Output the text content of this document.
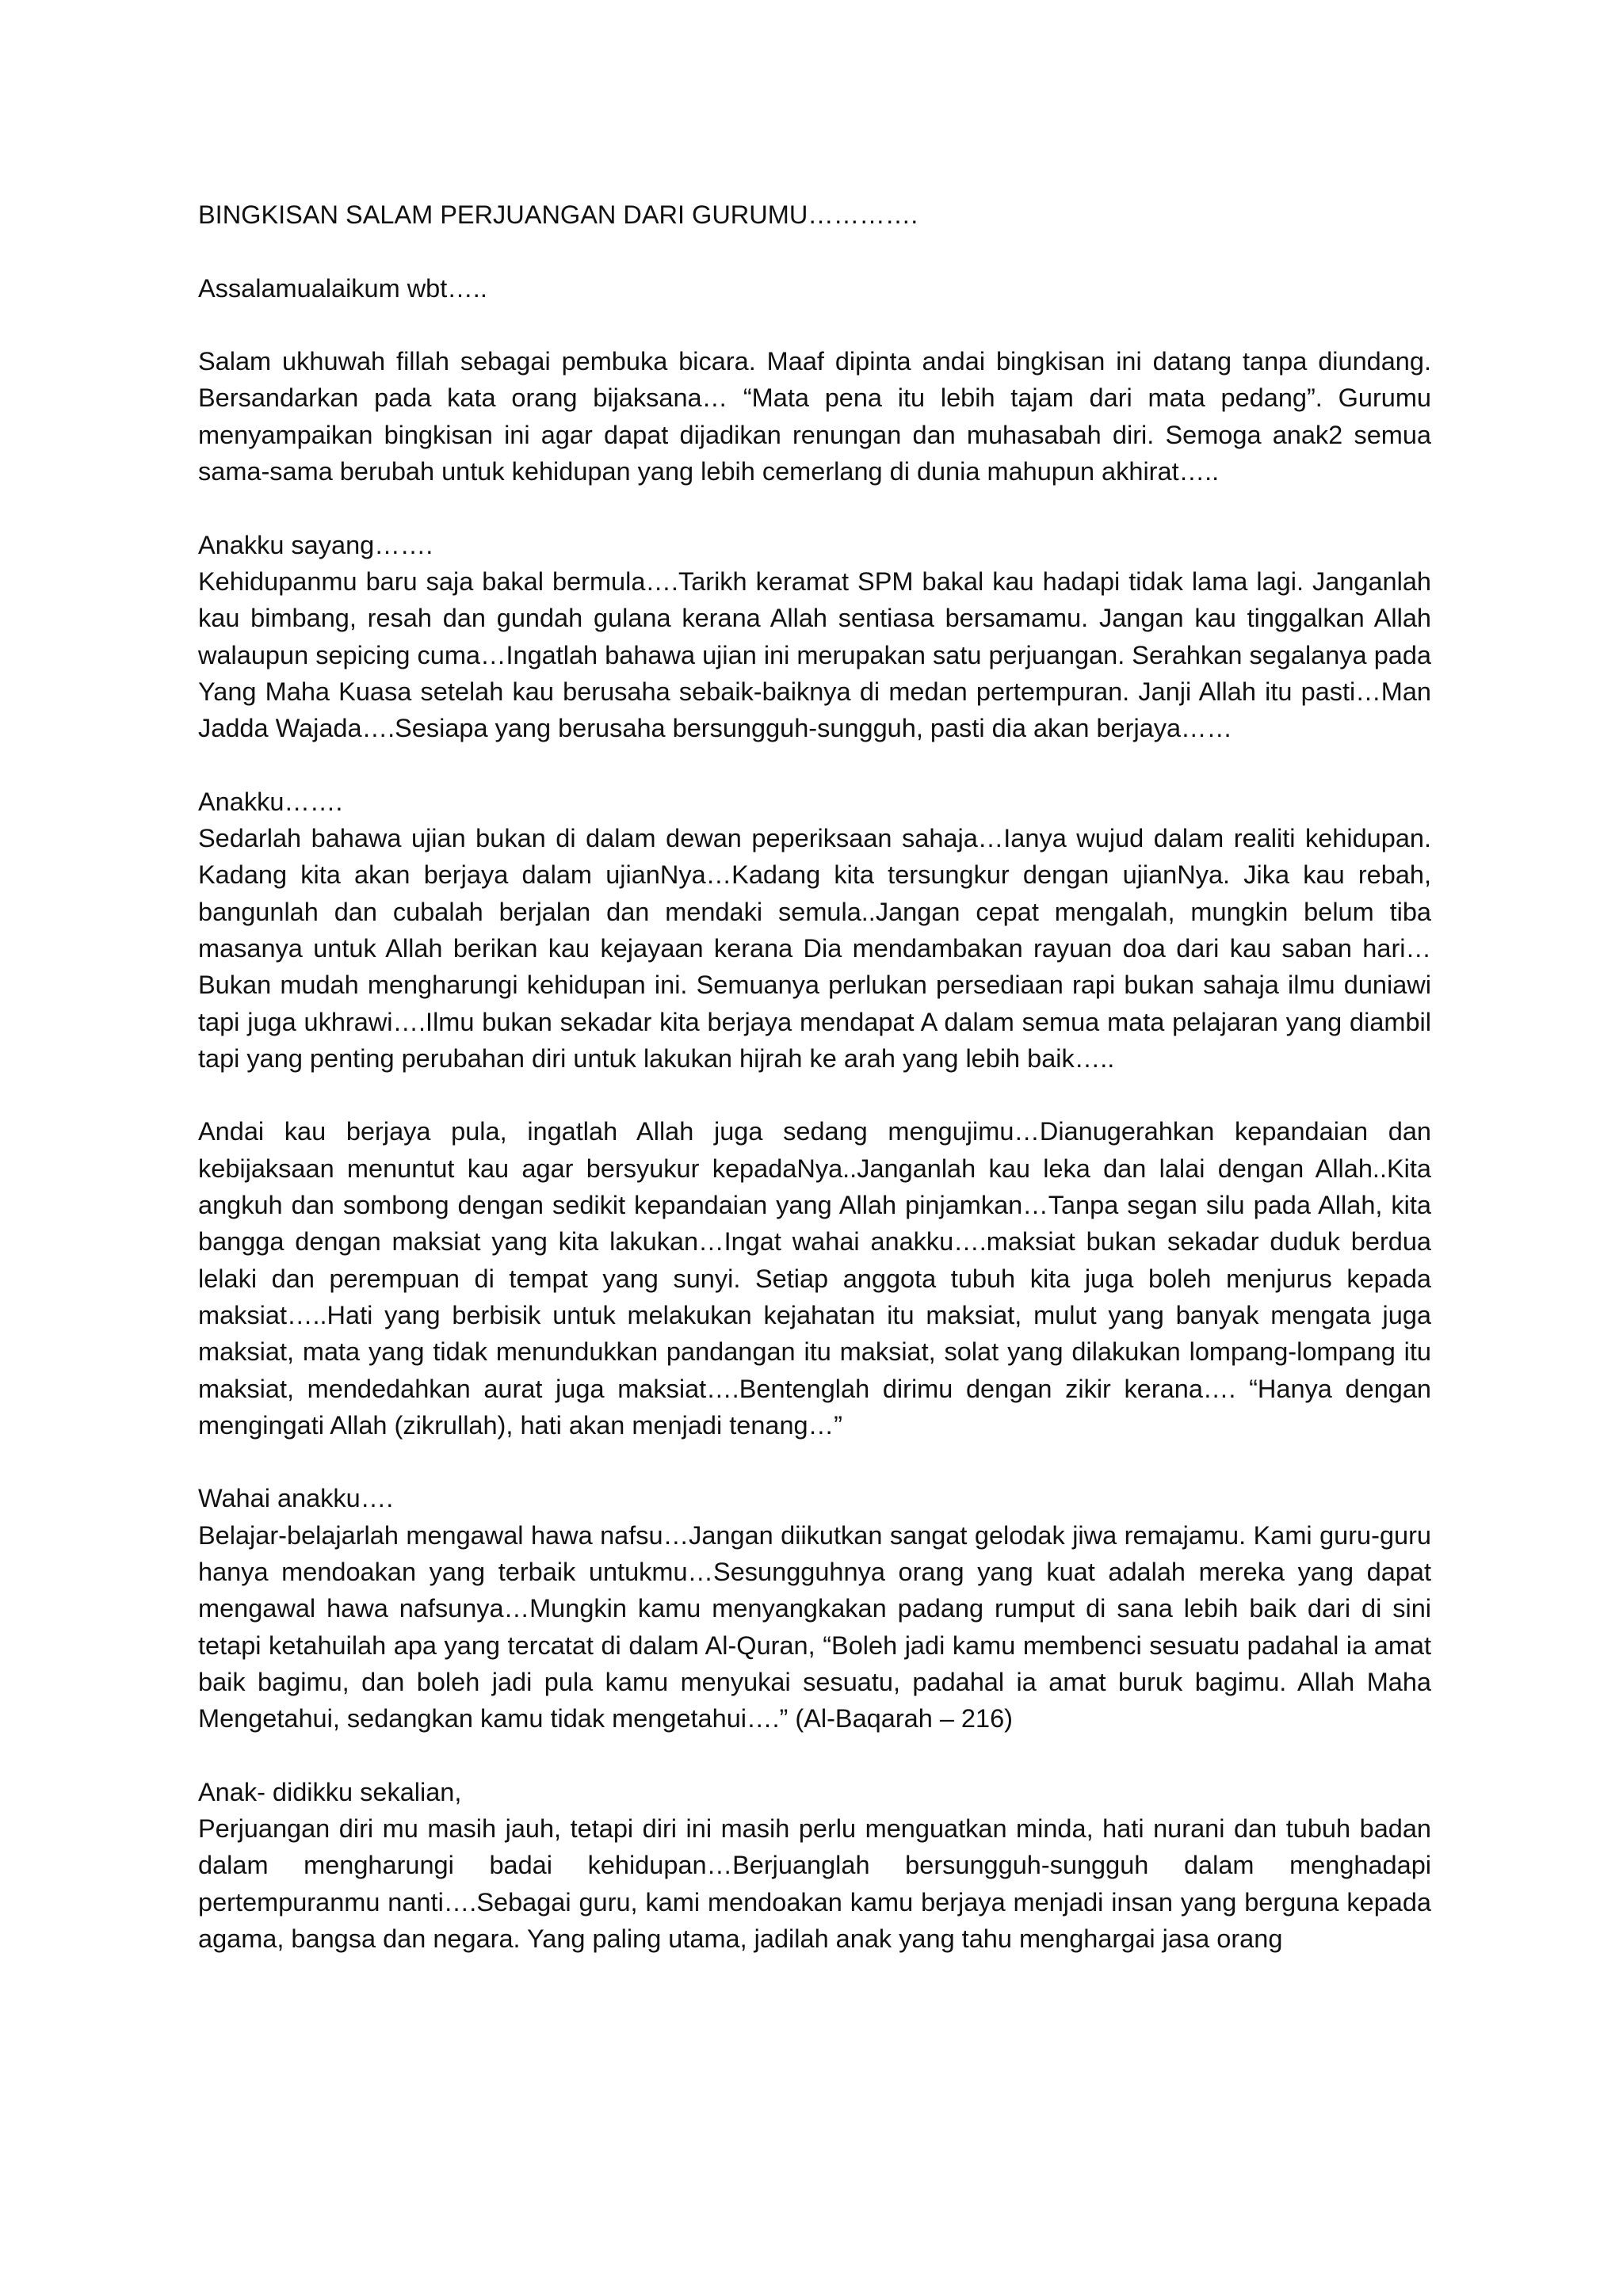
BINGKISAN SALAM PERJUANGAN DARI GURUMU………….

Assalamualaikum wbt…..

Salam ukhuwah fillah sebagai pembuka bicara. Maaf dipinta andai bingkisan ini datang tanpa diundang. Bersandarkan pada kata orang bijaksana… “Mata pena itu lebih tajam dari mata pedang”. Gurumu menyampaikan bingkisan ini agar dapat dijadikan renungan dan muhasabah diri. Semoga anak2 semua sama-sama berubah untuk kehidupan yang lebih cemerlang di dunia mahupun akhirat…..

Anakku sayang…….

Kehidupanmu baru saja bakal bermula….Tarikh keramat SPM bakal kau hadapi tidak lama lagi. Janganlah kau bimbang, resah dan gundah gulana kerana Allah sentiasa bersamamu. Jangan kau tinggalkan Allah walaupun sepicing cuma…Ingatlah bahawa ujian ini merupakan satu perjuangan. Serahkan segalanya pada Yang Maha Kuasa setelah kau berusaha sebaik-baiknya di medan pertempuran. Janji Allah itu pasti…Man Jadda Wajada….Sesiapa yang berusaha bersungguh-sungguh, pasti dia akan berjaya……

Anakku…….

Sedarlah bahawa ujian bukan di dalam dewan peperiksaan sahaja…Ianya wujud dalam realiti kehidupan. Kadang kita akan berjaya dalam ujianNya…Kadang kita tersungkur dengan ujianNya. Jika kau rebah, bangunlah dan cubalah berjalan dan mendaki semula..Jangan cepat mengalah, mungkin belum tiba masanya untuk Allah berikan kau kejayaan kerana Dia mendambakan rayuan doa dari kau saban hari…Bukan mudah mengharungi kehidupan ini. Semuanya perlukan persediaan rapi bukan sahaja ilmu duniawi tapi juga ukhrawi….Ilmu bukan sekadar kita berjaya mendapat A dalam semua mata pelajaran yang diambil tapi yang penting perubahan diri untuk lakukan hijrah ke arah yang lebih baik…..

Andai kau berjaya pula, ingatlah Allah juga sedang mengujimu…Dianugerahkan kepandaian dan kebijaksaan menuntut kau agar bersyukur kepadaNya..Janganlah kau leka dan lalai dengan Allah..Kita angkuh dan sombong dengan sedikit kepandaian yang Allah pinjamkan…Tanpa segan silu pada Allah, kita bangga dengan maksiat yang kita lakukan…Ingat wahai anakku….maksiat bukan sekadar duduk berdua lelaki dan perempuan di tempat yang sunyi. Setiap anggota tubuh kita juga boleh menjurus kepada maksiat…..Hati yang berbisik untuk melakukan kejahatan itu maksiat, mulut yang banyak mengata juga maksiat, mata yang tidak menundukkan pandangan itu maksiat, solat yang dilakukan lompang-lompang itu maksiat, mendedahkan aurat juga maksiat….Bentenglah dirimu dengan zikir kerana…. “Hanya dengan mengingati Allah (zikrullah), hati akan menjadi tenang…”

Wahai anakku….

Belajar-belajarlah mengawal hawa nafsu…Jangan diikutkan sangat gelodak jiwa remajamu. Kami guru-guru hanya mendoakan yang terbaik untukmu…Sesungguhnya orang yang kuat adalah mereka yang dapat mengawal hawa nafsunya…Mungkin kamu menyangkakan padang rumput di sana lebih baik dari di sini tetapi ketahuilah apa yang tercatat di dalam Al-Quran, “Boleh jadi kamu membenci sesuatu padahal ia amat baik bagimu, dan boleh jadi pula kamu menyukai sesuatu, padahal ia amat buruk bagimu. Allah Maha Mengetahui, sedangkan kamu tidak mengetahui….” (Al-Baqarah – 216)

Anak- didikku sekalian,

Perjuangan diri mu masih jauh, tetapi diri ini masih perlu menguatkan minda, hati nurani dan tubuh badan dalam mengharungi badai kehidupan…Berjuanglah bersungguh-sungguh dalam menghadapi pertempuranmu nanti….Sebagai guru, kami mendoakan kamu berjaya menjadi insan yang berguna kepada agama, bangsa dan negara. Yang paling utama, jadilah anak yang tahu menghargai jasa orang
